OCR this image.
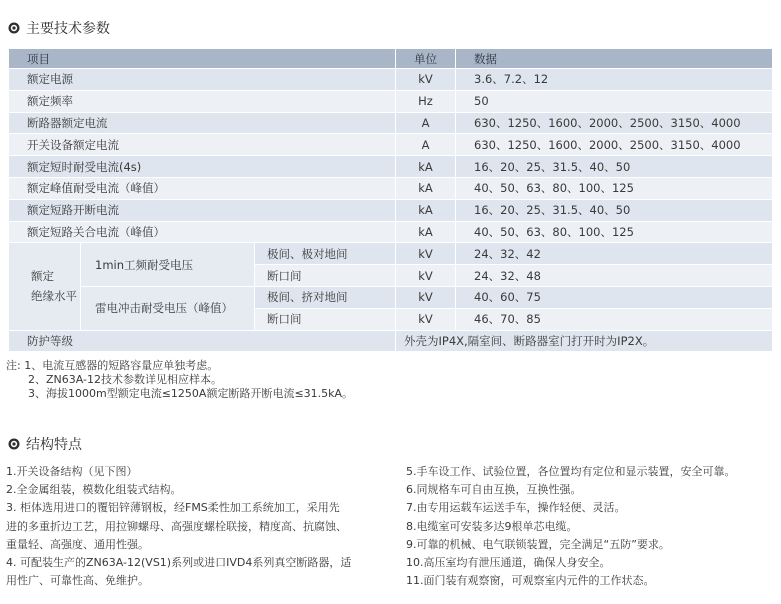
主要技术参数
项目			单位	数据
额定电源			kV	3.6、7.2、12
额定频率			Hz	50
断路器额定电流			A	630、1250、1600、2000、2500、3150、4000
开关设备额定电流			A	630、1250、1600、2000、2500、3150、4000
额定短时耐受电流(4s)			kA	16、20、25、31.5、40、50
额定峰值耐受电流（峰值）			kA	40、50、63、80、100、125
额定短路开断电流			kA	16、20、25、31.5、40、50
额定短路关合电流（峰值）			kA	40、50、63、80、100、125

额定
绝缘水平	1min工频耐受电压	极间、极对地间	kV	24、32、42
		断口间	kV	24、32、48
	雷电冲击耐受电压（峰值）	极间、挤对地间	kV	40、60、75
		断口间	kV	46、70、85
防护等级			外壳为IP4X,隔室间、断路器室门打开时为IP2X。	
注: 1、电流互感器的短路容量应单独考虑。
2、ZN63A-12技术参数详见相应样本。
3、海拔1000m型额定电流≤1250A额定断路开断电流≤31.5kA。
结构特点
1.开关设备结构（见下图）
2.全金属组装，模数化组装式结构。
3. 柜体选用进口的覆铝锌薄钢板，经FMS柔性加工系统加工，采用先
进的多重折边工艺，用拉铆螺母、高强度螺栓联接，精度高、抗腐蚀、
重量轻、高强度、通用性强。
4. 可配装生产的ZN63A-12(VS1)系列或进口IVD4系列真空断路器，适
用性广、可靠性高、免维护。
5.手车设工作、试验位置，各位置均有定位和显示装置，安全可靠。
6.同规格车可自由互换，互换性强。
7.由专用运载车运送手车，操作轻便、灵活。
8.电缆室可安装多达9根单芯电缆。
9.可靠的机械、电气联锁装置，完全满足“五防”要求。
10.高压室均有泄压通道，确保人身安全。
11.面门装有观察窗，可观察室内元件的工作状态。
